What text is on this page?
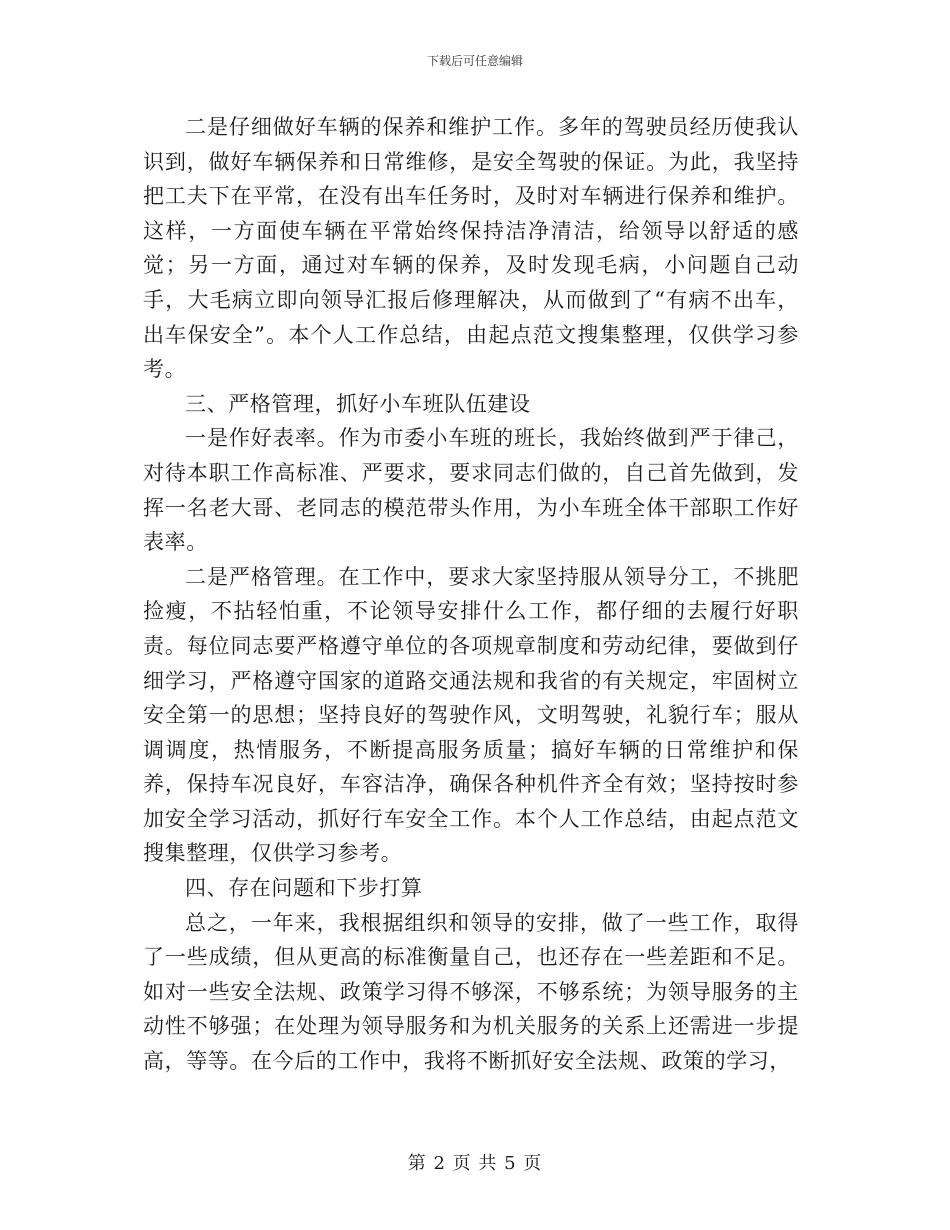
下载后可任意编辑

二是仔细做好车辆的保养和维护工作。多年的驾驶员经历使我认识到，做好车辆保养和日常维修，是安全驾驶的保证。为此，我坚持把工夫下在平常，在没有出车任务时，及时对车辆进行保养和维护。这样，一方面使车辆在平常始终保持洁净清洁，给领导以舒适的感觉；另一方面，通过对车辆的保养，及时发现毛病，小问题自己动手，大毛病立即向领导汇报后修理解决，从而做到了“有病不出车，出车保安全”。本个人工作总结，由起点范文搜集整理，仅供学习参考。

三、严格管理，抓好小车班队伍建设

一是作好表率。作为市委小车班的班长，我始终做到严于律己，对待本职工作高标准、严要求，要求同志们做的，自己首先做到，发挥一名老大哥、老同志的模范带头作用，为小车班全体干部职工作好表率。

二是严格管理。在工作中，要求大家坚持服从领导分工，不挑肥捡瘦，不拈轻怕重，不论领导安排什么工作，都仔细的去履行好职责。每位同志要严格遵守单位的各项规章制度和劳动纪律，要做到仔细学习，严格遵守国家的道路交通法规和我省的有关规定，牢固树立安全第一的思想；坚持良好的驾驶作风，文明驾驶，礼貌行车；服从调调度，热情服务，不断提高服务质量；搞好车辆的日常维护和保养，保持车况良好，车容洁净，确保各种机件齐全有效；坚持按时参加安全学习活动，抓好行车安全工作。本个人工作总结，由起点范文搜集整理，仅供学习参考。

四、存在问题和下步打算

总之，一年来，我根据组织和领导的安排，做了一些工作，取得了一些成绩，但从更高的标准衡量自己，也还存在一些差距和不足。如对一些安全法规、政策学习得不够深，不够系统；为领导服务的主动性不够强；在处理为领导服务和为机关服务的关系上还需进一步提高，等等。在今后的工作中，我将不断抓好安全法规、政策的学习，

第 2 页 共 5 页
